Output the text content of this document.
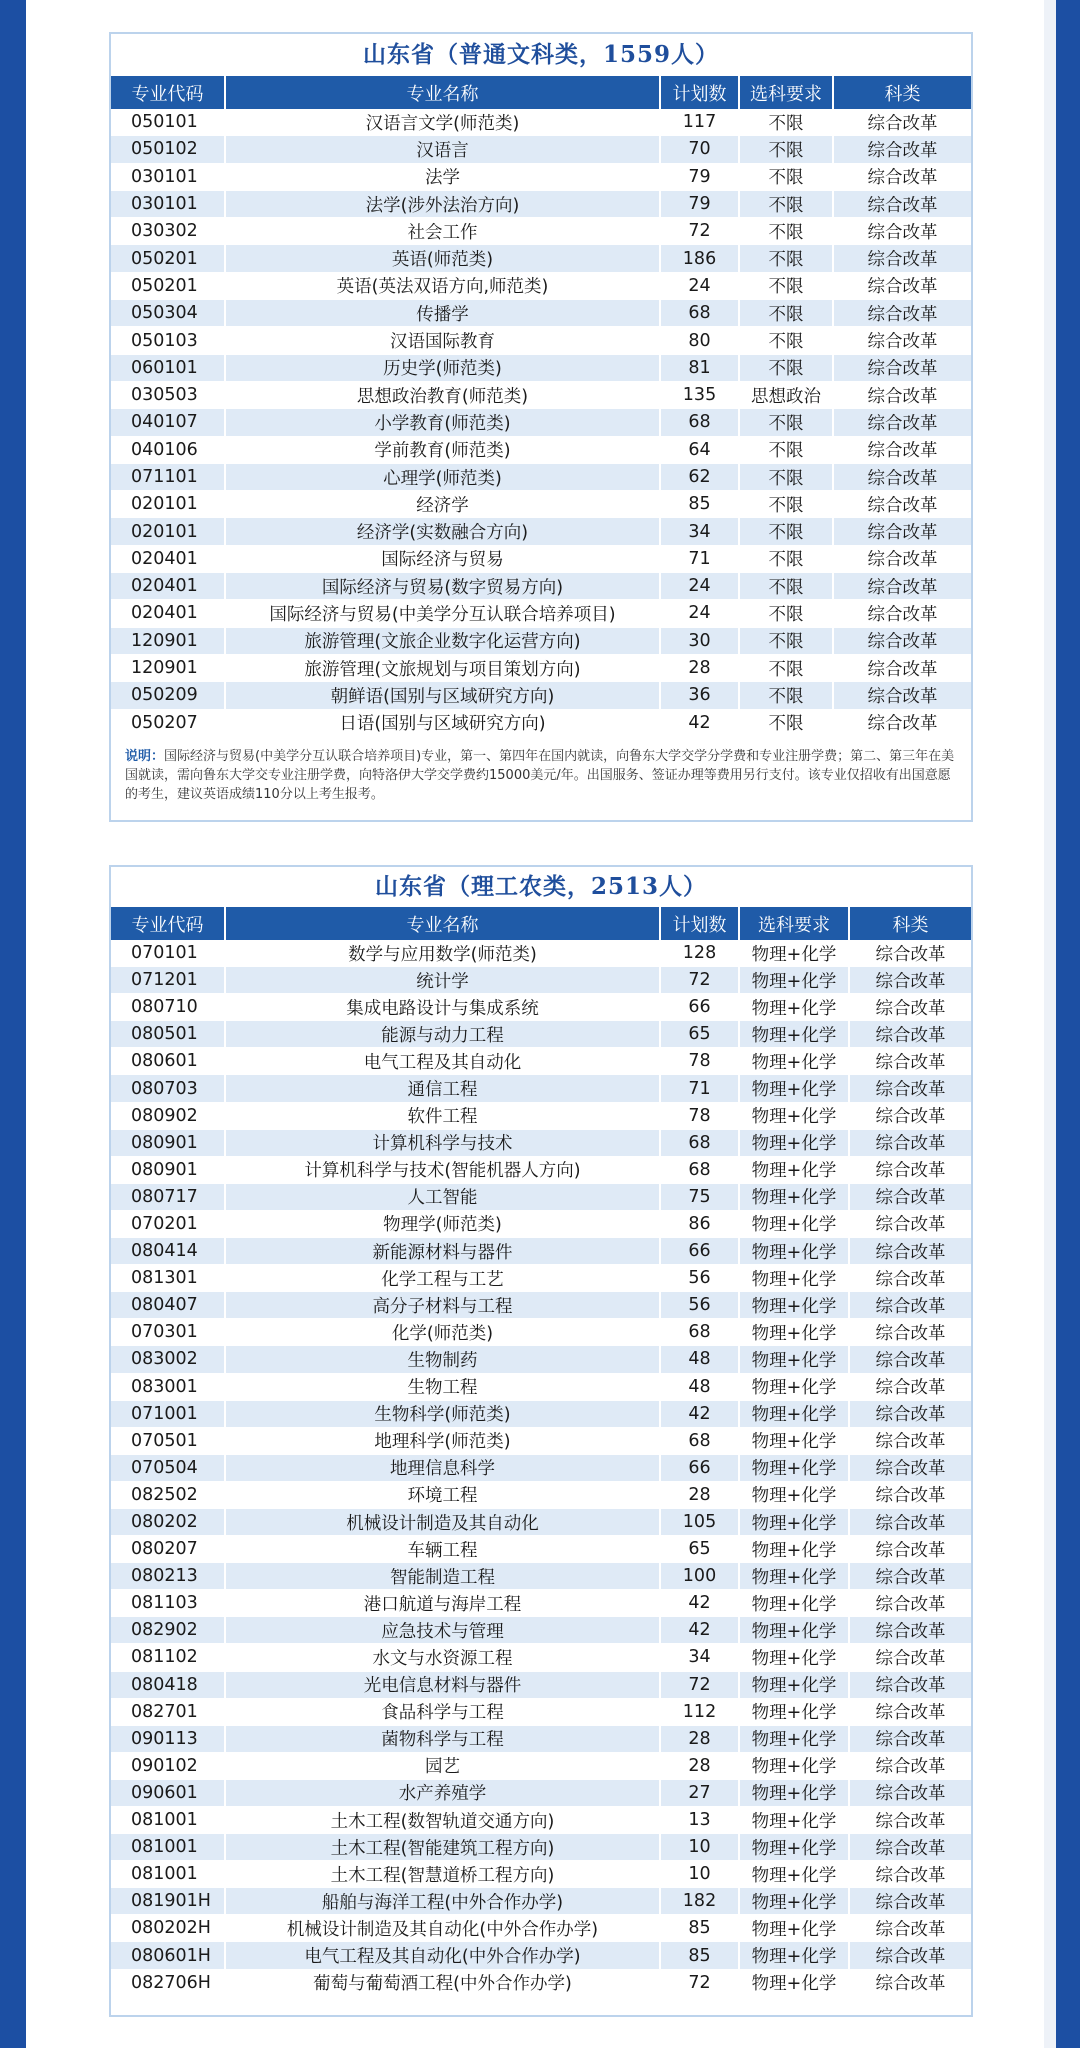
山东省（普通文科类，1559人）
专业代码	专业名称	计划数	选科要求	科类
050101	汉语言文学(师范类)	117	不限	综合改革
050102	汉语言	70	不限	综合改革
030101	法学	79	不限	综合改革
030101	法学(涉外法治方向)	79	不限	综合改革
030302	社会工作	72	不限	综合改革
050201	英语(师范类)	186	不限	综合改革
050201	英语(英法双语方向,师范类)	24	不限	综合改革
050304	传播学	68	不限	综合改革
050103	汉语国际教育	80	不限	综合改革
060101	历史学(师范类)	81	不限	综合改革
030503	思想政治教育(师范类)	135	思想政治	综合改革
040107	小学教育(师范类)	68	不限	综合改革
040106	学前教育(师范类)	64	不限	综合改革
071101	心理学(师范类)	62	不限	综合改革
020101	经济学	85	不限	综合改革
020101	经济学(实数融合方向)	34	不限	综合改革
020401	国际经济与贸易	71	不限	综合改革
020401	国际经济与贸易(数字贸易方向)	24	不限	综合改革
020401	国际经济与贸易(中美学分互认联合培养项目)	24	不限	综合改革
120901	旅游管理(文旅企业数字化运营方向)	30	不限	综合改革
120901	旅游管理(文旅规划与项目策划方向)	28	不限	综合改革
050209	朝鲜语(国别与区域研究方向)	36	不限	综合改革
050207	日语(国别与区域研究方向)	42	不限	综合改革
说明：国际经济与贸易(中美学分互认联合培养项目)专业，第一、第四年在国内就读，向鲁东大学交学分学费和专业注册学费；第二、第三年在美国就读，需向鲁东大学交专业注册学费，向特洛伊大学交学费约15000美元/年。出国服务、签证办理等费用另行支付。该专业仅招收有出国意愿的考生，建议英语成绩110分以上考生报考。
山东省（理工农类，2513人）
专业代码	专业名称	计划数	选科要求	科类
070101	数学与应用数学(师范类)	128	物理+化学	综合改革
071201	统计学	72	物理+化学	综合改革
080710	集成电路设计与集成系统	66	物理+化学	综合改革
080501	能源与动力工程	65	物理+化学	综合改革
080601	电气工程及其自动化	78	物理+化学	综合改革
080703	通信工程	71	物理+化学	综合改革
080902	软件工程	78	物理+化学	综合改革
080901	计算机科学与技术	68	物理+化学	综合改革
080901	计算机科学与技术(智能机器人方向)	68	物理+化学	综合改革
080717	人工智能	75	物理+化学	综合改革
070201	物理学(师范类)	86	物理+化学	综合改革
080414	新能源材料与器件	66	物理+化学	综合改革
081301	化学工程与工艺	56	物理+化学	综合改革
080407	高分子材料与工程	56	物理+化学	综合改革
070301	化学(师范类)	68	物理+化学	综合改革
083002	生物制药	48	物理+化学	综合改革
083001	生物工程	48	物理+化学	综合改革
071001	生物科学(师范类)	42	物理+化学	综合改革
070501	地理科学(师范类)	68	物理+化学	综合改革
070504	地理信息科学	66	物理+化学	综合改革
082502	环境工程	28	物理+化学	综合改革
080202	机械设计制造及其自动化	105	物理+化学	综合改革
080207	车辆工程	65	物理+化学	综合改革
080213	智能制造工程	100	物理+化学	综合改革
081103	港口航道与海岸工程	42	物理+化学	综合改革
082902	应急技术与管理	42	物理+化学	综合改革
081102	水文与水资源工程	34	物理+化学	综合改革
080418	光电信息材料与器件	72	物理+化学	综合改革
082701	食品科学与工程	112	物理+化学	综合改革
090113	菌物科学与工程	28	物理+化学	综合改革
090102	园艺	28	物理+化学	综合改革
090601	水产养殖学	27	物理+化学	综合改革
081001	土木工程(数智轨道交通方向)	13	物理+化学	综合改革
081001	土木工程(智能建筑工程方向)	10	物理+化学	综合改革
081001	土木工程(智慧道桥工程方向)	10	物理+化学	综合改革
081901H	船舶与海洋工程(中外合作办学)	182	物理+化学	综合改革
080202H	机械设计制造及其自动化(中外合作办学)	85	物理+化学	综合改革
080601H	电气工程及其自动化(中外合作办学)	85	物理+化学	综合改革
082706H	葡萄与葡萄酒工程(中外合作办学)	72	物理+化学	综合改革
